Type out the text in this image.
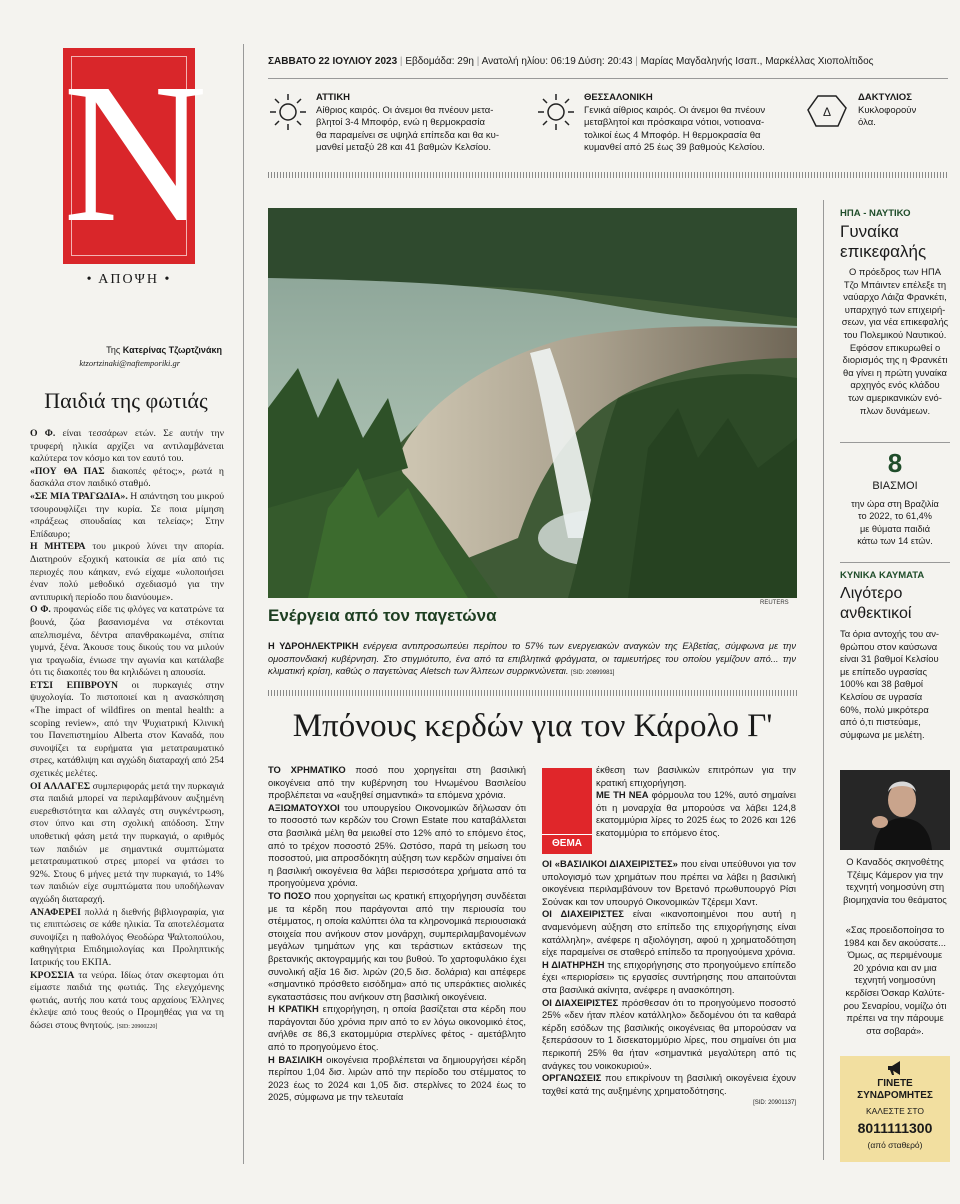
N
• ΑΠΟΨΗ •
Της Κατερίνας Τζωρτζινάκη
ktzortzinaki@naftemporiki.gr
Παιδιά της φωτιάς

Ο Φ. είναι τεσσάρων ετών. Σε αυτήν την τρυφερή ηλικία αρχίζει να αντιλαμβάνεται καλύτερα τον κόσμο και τον εαυτό του.

«ΠΟΥ ΘΑ ΠΑΣ διακοπές φέτος;», ρωτά η δασκάλα στον παιδικό σταθμό.

«ΣΕ ΜΙΑ ΤΡΑΓΩΔΙΑ». Η απάντηση του μικρού τσουρουφλίζει την κυρία. Σε ποια μίμηση «πράξεως σπουδαίας και τελείας»; Στην Επίδαυρο;

Η ΜΗΤΕΡΑ του μικρού λύνει την απορία. Διατηρούν εξοχική κατοικία σε μία από τις περιοχές που κάηκαν, ενώ είχαμε «υλοποιήσει έναν πολύ μεθοδικό σχεδιασμό για την αντιπυρική περίοδο που διανύουμε».

Ο Φ. προφανώς είδε τις φλόγες να κατατρώνε τα βουνά, ζώα βασανισμένα να στέκονται απελπισμένα, δέντρα απανθρακωμένα, σπίτια γυμνά, ξένα. Άκουσε τους δικούς του να μιλούν για τραγωδία, ένιωσε την αγωνία και κατάλαβε ότι τις διακοπές του θα κηλιδώνει η απουσία.

ΕΤΣΙ ΕΠΙΒΡΟΥΝ οι πυρκαγιές στην ψυχολογία. Το πιστοποιεί και η ανασκόπηση «The impact of wildfires on mental health: a scoping review», από την Ψυχιατρική Κλινική του Πανεπιστημίου Alberta στον Καναδά, που συνοψίζει τα ευρήματα για μετατραυματικό στρες, κατάθλιψη και αγχώδη διαταραχή από 254 σχετικές μελέτες.

ΟΙ ΑΛΛΑΓΕΣ συμπεριφοράς μετά την πυρκαγιά στα παιδιά μπορεί να περιλαμβάνουν αυξημένη ευερεθιστότητα και αλλαγές στη συγκέντρωση, στον ύπνο και στη σχολική απόδοση. Στην υποθετική φάση μετά την πυρκαγιά, ο αριθμός των παιδιών με σημαντικά συμπτώματα μετατραυματικού στρες μπορεί να φτάσει το 92%. Στους 6 μήνες μετά την πυρκαγιά, το 14% των παιδιών είχε συμπτώματα που υποδήλωναν αγχώδη διαταραχή.

ΑΝΑΦΕΡΕΙ πολλά η διεθνής βιβλιογραφία, για τις επιπτώσεις σε κάθε ηλικία. Τα αποτελέσματα συνοψίζει η παθολόγος Θεοδώρα Ψαλτοπούλου, καθηγήτρια Επιδημιολογίας και Προληπτικής Ιατρικής του ΕΚΠΑ.

ΚΡΟΣΣΙΑ τα νεύρα. Ιδίως όταν σκεφτομαι ότι είμαστε παιδιά της φωτιάς. Της ελεγχόμενης φωτιάς, αυτής που κατά τους αρχαίους Έλληνες έκλεψε από τους θεούς ο Προμηθέας για να τη δώσει στους θνητούς. [SID: 20900220]

ΣΑΒΒΑΤΟ 22 ΙΟΥΛΙΟΥ 2023 | Εβδομάδα: 29η | Ανατολή ηλίου: 06:19 Δύση: 20:43 | Μαρίας Μαγδαληνής Ισαπ., Μαρκέλλας Χιοπολίτιδος
ΑΤΤΙΚΗ
Αίθριος καιρός. Οι άνεμοι θα πνέουν μετα-
βλητοί 3-4 Μποφόρ, ενώ η θερμοκρασία
θα παραμείνει σε υψηλά επίπεδα και θα κυ-
μανθεί μεταξύ 28 και 41 βαθμών Κελσίου.
ΘΕΣΣΑΛΟΝΙΚΗ
Γενικά αίθριος καιρός. Οι άνεμοι θα πνέουν
μεταβλητοί και πρόσκαιρα νότιοι, νοτιοανα-
τολικοί έως 4 Μποφόρ. Η θερμοκρασία θα
κυμανθεί από 25 έως 39 βαθμούς Κελσίου.
Δ
ΔΑΚΤΥΛΙΟΣ
Κυκλοφορούν
όλα.
REUTERS
Ενέργεια από τον παγετώνα
Η ΥΔΡΟΗΛΕΚΤΡΙΚΗ ενέργεια αντιπροσωπεύει περίπου το 57% των ενεργειακών αναγκών της Ελβετίας, σύμφωνα με την ομοσπονδιακή κυβέρνηση. Στο στιγμιότυπο, ένα από τα επιβλητικά φράγματα, οι ταμιευτήρες του οποίου γεμίζουν από... την κλιματική κρίση, καθώς ο παγετώνας Aletsch των Άλπεων συρρικνώνεται. [SID: 20899981]
Μπόνους κερδών για τον Κάρολο Γ'

ΤΟ ΧΡΗΜΑΤΙΚΟ ποσό που χορηγείται στη βασιλική οικογένεια από την κυβέρνηση του Ηνωμένου Βασιλείου προβλέπεται να «αυξηθεί σημαντικά» τα επόμενα χρόνια.

ΑΞΙΩΜΑΤΟΥΧΟΙ του υπουργείου Οικονομικών δήλωσαν ότι το ποσοστό των κερδών του Crown Estate που καταβάλλεται στα βασιλικά μέλη θα μειωθεί στο 12% από το επόμενο έτος, από το τρέχον ποσοστό 25%. Ωστόσο, παρά τη μείωση του ποσοστού, μια απροσδόκητη αύξηση των κερδών σημαίνει ότι η βασιλική οικογένεια θα λάβει περισσότερα χρήματα από τα προηγούμενα χρόνια.

ΤΟ ΠΟΣΟ που χορηγείται ως κρατική επιχορήγηση συνδέεται με τα κέρδη που παράγονται από την περιουσία του στέμματος, η οποία καλύπτει όλα τα κληρονομικά περιουσιακά στοιχεία που ανήκουν στον μονάρχη, συμπεριλαμβανομένων μεγάλων τμημάτων γης και τεράστιων εκτάσεων της βρετανικής ακτογραμμής και του βυθού. Το χαρτοφυλάκιο έχει συνολική αξία 16 δισ. λιρών (20,5 δισ. δολάρια) και απέφερε «σημαντικό πρόσθετο εισόδημα» από τις υπεράκτιες αιολικές εγκαταστάσεις που ανήκουν στη βασιλική οικογένεια.

Η ΚΡΑΤΙΚΗ επιχορήγηση, η οποία βασίζεται στα κέρδη που παράγονται δύο χρόνια πριν από το εν λόγω οικονομικό έτος, ανήλθε σε 86,3 εκατομμύρια στερλίνες φέτος - αμετάβλητο από το προηγούμενο έτος.

Η ΒΑΣΙΛΙΚΗ οικογένεια προβλέπεται να δημιουργήσει κέρδη περίπου 1,04 δισ. λιρών από την περίοδο του στέμματος το 2023 έως το 2024 και 1,05 δισ. στερλίνες το 2024 έως το 2025, σύμφωνα με την τελευταία

ΘΕΜΑ

έκθεση των βασιλικών επιτρόπων για την κρατική επιχορήγηση.

ΜΕ ΤΗ ΝΕΑ φόρμουλα του 12%, αυτό σημαίνει ότι η μοναρχία θα μπορούσε να λάβει 124,8 εκατομμύρια λίρες το 2025 έως το 2026 και 126 εκατομμύρια το επόμενο έτος.

ΟΙ «ΒΑΣΙΛΙΚΟΙ ΔΙΑΧΕΙΡΙΣΤΕΣ» που είναι υπεύθυνοι για τον υπολογισμό των χρημάτων που πρέπει να λάβει η βασιλική οικογένεια περιλαμβάνουν τον Βρετανό πρωθυπουργό Ρίσι Σούνακ και τον υπουργό Οικονομικών Τζέρεμι Χαντ.

ΟΙ ΔΙΑΧΕΙΡΙΣΤΕΣ είναι «ικανοποιημένοι που αυτή η αναμενόμενη αύξηση στο επίπεδο της επιχορήγησης είναι κατάλληλη», ανέφερε η αξιολόγηση, αφού η χρηματοδότηση είχε παραμείνει σε σταθερό επίπεδο τα προηγούμενα χρόνια.

Η ΔΙΑΤΗΡΗΣΗ της επιχορήγησης στο προηγούμενο επίπεδο έχει «περιορίσει» τις εργασίες συντήρησης που απαιτούνται στα βασιλικά ακίνητα, ανέφερε η ανασκόπηση.

ΟΙ ΔΙΑΧΕΙΡΙΣΤΕΣ πρόσθεσαν ότι το προηγούμενο ποσοστό 25% «δεν ήταν πλέον κατάλληλο» δεδομένου ότι τα καθαρά κέρδη εσόδων της βασιλικής οικογένειας θα μπορούσαν να ξεπεράσουν το 1 δισεκατομμύριο λίρες, που σημαίνει ότι μια περικοπή 25% θα ήταν «σημαντικά μεγαλύτερη από τις ανάγκες του νοικοκυριού».

ΟΡΓΑΝΩΣΕΙΣ που επικρίνουν τη βασιλική οικογένεια έχουν ταχθεί κατά της αυξημένης χρηματοδότησης.

[SID: 20901137]
ΗΠΑ - ΝΑΥΤΙΚΟ
Γυναίκα επικεφαλής
Ο πρόεδρος των ΗΠΑ
Τζο Μπάιντεν επέλεξε τη
ναύαρχο Λάιζα Φρανκέτι,
υπαρχηγό των επιχειρή-
σεων, για νέα επικεφαλής
του Πολεμικού Ναυτικού.
Εφόσον επικυρωθεί ο
διορισμός της η Φρανκέτι
θα γίνει η πρώτη γυναίκα
αρχηγός ενός κλάδου
των αμερικανικών ενό-
πλων δυνάμεων.
8
ΒΙΑΣΜΟΙ
την ώρα στη Βραζιλία
το 2022, το 61,4%
με θύματα παιδιά
κάτω των 14 ετών.
ΚΥΝΙΚΑ ΚΑΥΜΑΤΑ
Λιγότερο ανθεκτικοί
Τα όρια αντοχής του αν-
θρώπου στον καύσωνα
είναι 31 βαθμοί Κελσίου
με επίπεδο υγρασίας
100% και 38 βαθμοί
Κελσίου σε υγρασία
60%, πολύ μικρότερα
από ό,τι πιστεύαμε,
σύμφωνα με μελέτη.
Ο Καναδός σκηνοθέτης
Τζέιμς Κάμερον για την
τεχνητή νοημοσύνη στη
βιομηχανία του θεάματος
«Σας προειδοποίησα το
1984 και δεν ακούσατε...
Όμως, ας περιμένουμε
20 χρόνια και αν μια
τεχνητή νοημοσύνη
κερδίσει Όσκαρ Καλύτε-
ρου Σεναρίου, νομίζω ότι
πρέπει να την πάρουμε
στα σοβαρά».
ΓΙΝΕΤΕ
ΣΥΝΔΡΟΜΗΤΕΣ
ΚΑΛΕΣΤΕ ΣΤΟ
8011111300
(από σταθερό)
